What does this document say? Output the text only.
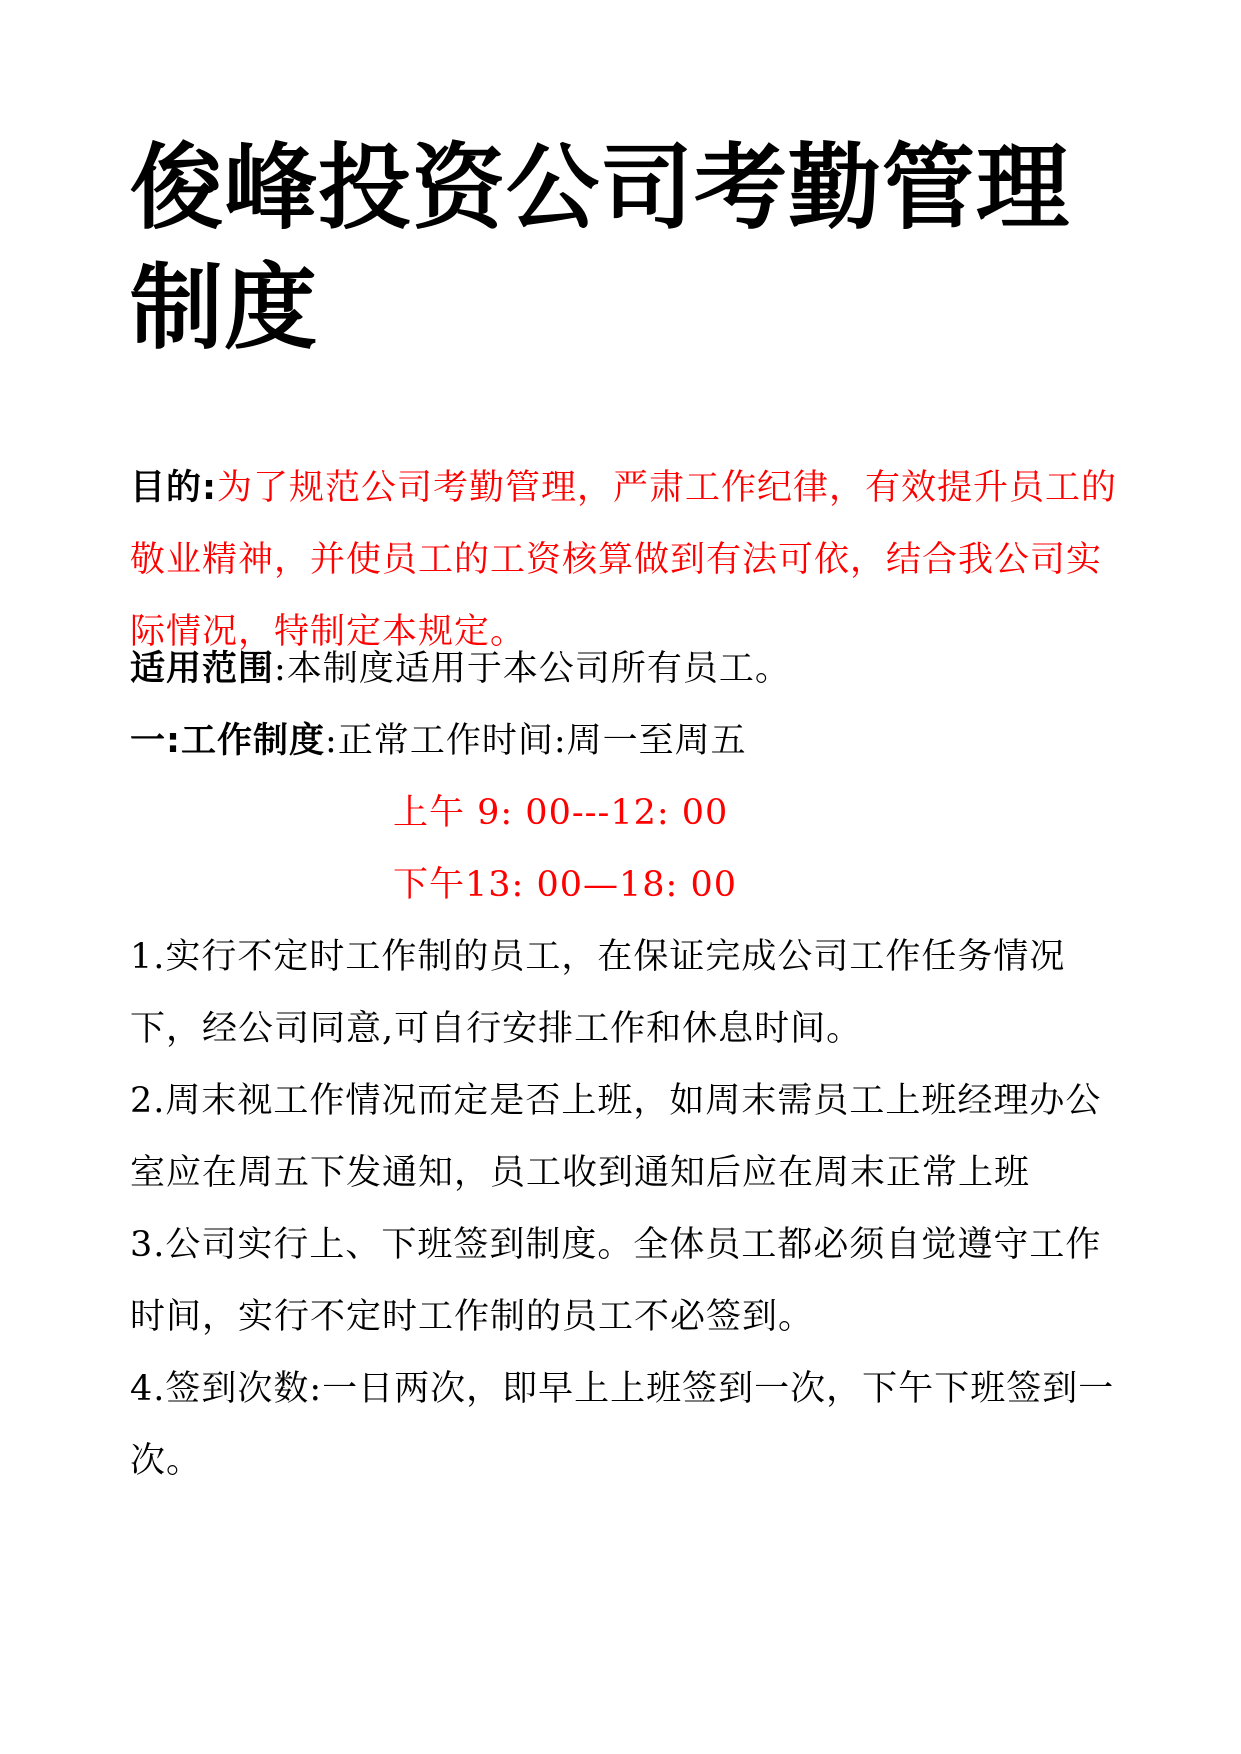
俊峰投资公司考勤管理制度

目的:为了规范公司考勤管理，严肃工作纪律，有效提升员工的敬业精神，并使员工的工资核算做到有法可依，结合我公司实际情况，特制定本规定。

适用范围:本制度适用于本公司所有员工。

一:工作制度:正常工作时间:周一至周五

上午 9: 00---12: 00
下午13: 00—18: 00

1.实行不定时工作制的员工，在保证完成公司工作任务情况下，经公司同意,可自行安排工作和休息时间。

2.周末视工作情况而定是否上班，如周末需员工上班经理办公室应在周五下发通知，员工收到通知后应在周末正常上班

3.公司实行上、下班签到制度。全体员工都必须自觉遵守工作时间，实行不定时工作制的员工不必签到。

4.签到次数:一日两次，即早上上班签到一次，下午下班签到一次。
